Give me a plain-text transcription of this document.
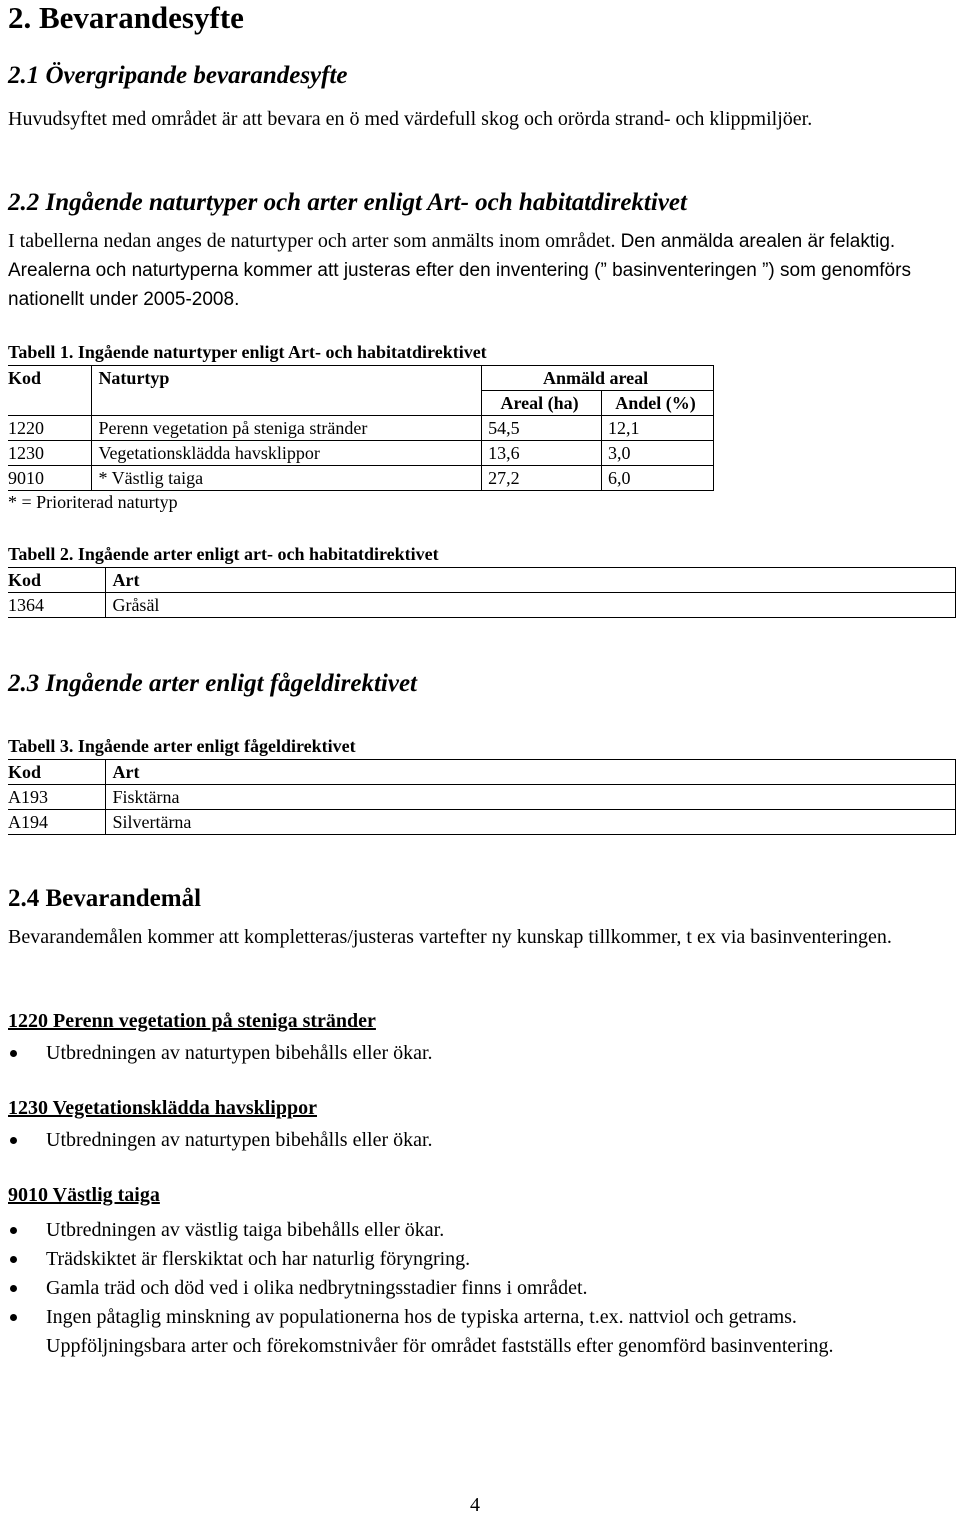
2. Bevarandesyfte
2.1 Övergripande bevarandesyfte

Huvudsyftet med området är att bevara en ö med värdefull skog och orörda strand- och klippmiljöer.

2.2 Ingående naturtyper och arter enligt Art- och habitatdirektivet

I tabellerna nedan anges de naturtyper och arter som anmälts inom området. Den anmälda arealen är felaktig. Arealerna och naturtyperna kommer att justeras efter den inventering (” basinventeringen ”) som genomförs nationellt under 2005-2008.

Tabell 1. Ingående naturtyper enligt Art- och habitatdirektivet

Kod	Naturtyp	Anmäld areal	
		Areal (ha)	Andel (%)
1220	Perenn vegetation på steniga stränder	54,5	12,1
1230	Vegetationsklädda havsklippor	13,6	3,0
9010	* Västlig taiga	27,2	6,0

* = Prioriterad naturtyp

Tabell 2. Ingående arter enligt art- och habitatdirektivet

Kod	Art
1364	Gråsäl
2.3 Ingående arter enligt fågeldirektivet

Tabell 3. Ingående arter enligt fågeldirektivet

Kod	Art
A193	Fisktärna
A194	Silvertärna
2.4 Bevarandemål

Bevarandemålen kommer att kompletteras/justeras vartefter ny kunskap tillkommer, t ex via basinventeringen.

1220 Perenn vegetation på steniga stränder

Utbredningen av naturtypen bibehålls eller ökar.

1230 Vegetationsklädda havsklippor

Utbredningen av naturtypen bibehålls eller ökar.

9010 Västlig taiga

Utbredningen av västlig taiga bibehålls eller ökar.
Trädskiktet är flerskiktat och har naturlig föryngring.
Gamla träd och död ved i olika nedbrytningsstadier finns i området.
Ingen påtaglig minskning av populationerna hos de typiska arterna, t.ex. nattviol och getrams. Uppföljningsbara arter och förekomstnivåer för området fastställs efter genomförd basinventering.

4
